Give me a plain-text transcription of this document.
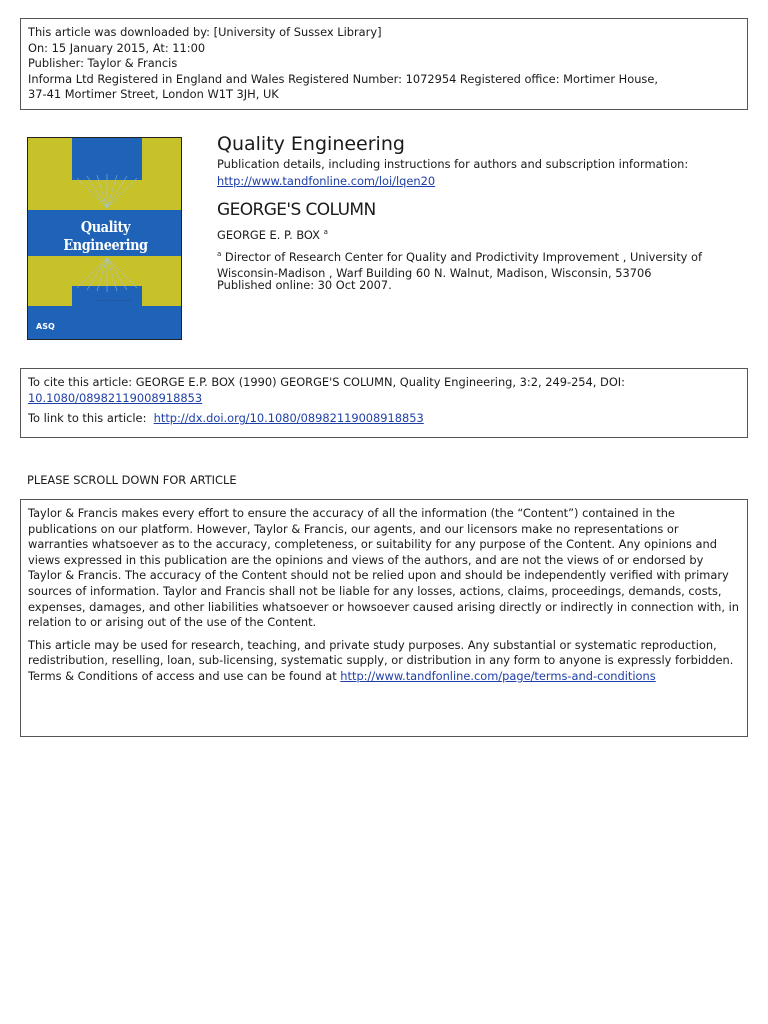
This article was downloaded by: [University of Sussex Library]
On: 15 January 2015, At: 11:00
Publisher: Taylor & Francis
Informa Ltd Registered in England and Wales Registered Number: 1072954 Registered office: Mortimer House,
37-41 Mortimer Street, London W1T 3JH, UK
Quality Engineering
— — — — — — —
ASQ
Quality Engineering
Publication details, including instructions for authors and subscription information:
http://www.tandfonline.com/loi/lqen20
GEORGE'S COLUMN
GEORGE E. P. BOX $^a$
$^a$ Director of Research Center for Quality and Prodictivity Improvement , University of Wisconsin-Madison , Warf Building 60 N. Walnut, Madison, Wisconsin, 53706
Published online: 30 Oct 2007.
To cite this article: GEORGE E.P. BOX (1990) GEORGE'S COLUMN, Quality Engineering, 3:2, 249-254, DOI:
10.1080/08982119008918853
To link to this article: http://dx.doi.org/10.1080/08982119008918853
PLEASE SCROLL DOWN FOR ARTICLE

Taylor & Francis makes every effort to ensure the accuracy of all the information (the “Content”) contained in the publications on our platform. However, Taylor & Francis, our agents, and our licensors make no representations or warranties whatsoever as to the accuracy, completeness, or suitability for any purpose of the Content. Any opinions and views expressed in this publication are the opinions and views of the authors, and are not the views of or endorsed by Taylor & Francis. The accuracy of the Content should not be relied upon and should be independently verified with primary sources of information. Taylor and Francis shall not be liable for any losses, actions, claims, proceedings, demands, costs, expenses, damages, and other liabilities whatsoever or howsoever caused arising directly or indirectly in connection with, in relation to or arising out of the use of the Content.

This article may be used for research, teaching, and private study purposes. Any substantial or systematic reproduction, redistribution, reselling, loan, sub-licensing, systematic supply, or distribution in any form to anyone is expressly forbidden. Terms & Conditions of access and use can be found at http://www.tandfonline.com/page/terms-and-conditions
